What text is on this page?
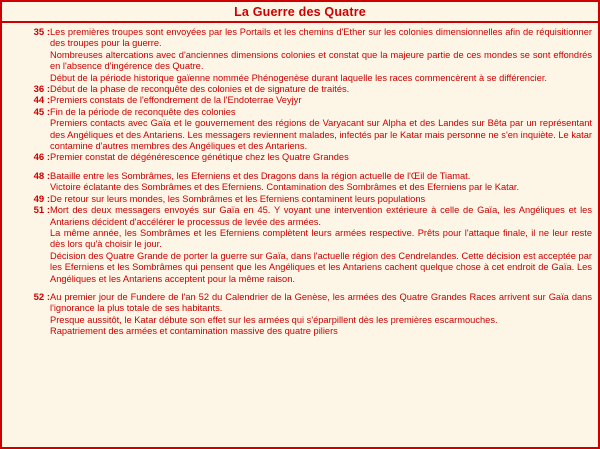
La Guerre des Quatre
35 :	Les premières troupes sont envoyées par les Portails et les chemins d'Ether sur les colonies dimensionnelles afin de réquisitionner des troupes pour la guerre.

Nombreuses altercations avec d'anciennes dimensions colonies et constat que la majeure partie de ces mondes se sont effondrés en l'absence d'ingérence des Quatre.

Début de la période historique gaïenne nommée Phénogenèse durant laquelle les races commencèrent à se différencier.

36 :	Début de la phase de reconquête des colonies et de signature de traités.

44 :	Premiers constats de l'effondrement de la l'Endoterrae Veyjyr

45 :	Fin de la période de reconquête des colonies

Premiers contacts avec Gaïa et le gouvernement des régions de Varyacant sur Alpha et des Landes sur Bêta par un représentant des Angéliques et des Antariens. Les messagers reviennent malades, infectés par le Katar mais personne ne s'en inquiète. Le katar contamine d'autres membres des Angéliques et des Antariens.

46 :	Premier constat de dégénérescence génétique chez les Quatre Grandes

48 :	Bataille entre les Sombrâmes, les Eferniens et des Dragons dans la région actuelle de l'Œil de Tiamat.

Victoire éclatante des Sombrâmes et des Eferniens. Contamination des Sombrâmes et des Eferniens par le Katar.

49 :	De retour sur leurs mondes, les Sombrâmes et les Eferniens contaminent leurs populations

51 :	Mort des deux messagers envoyés sur Gaïa en 45. Y voyant une intervention extérieure à celle de Gaïa, les Angéliques et les Antariens décident d'accélérer le processus de levée des armées.

La même année, les Sombrâmes et les Eferniens complètent leurs armées respective. Prêts pour l'attaque finale, il ne leur reste dès lors qu'à choisir le jour.

Décision des Quatre Grande de porter la guerre sur Gaïa, dans l'actuelle région des Cendrelandes. Cette décision est acceptée par les Eferniens et les Sombrâmes qui pensent que les Angéliques et les Antariens cachent quelque chose à cet endroit de Gaïa. Les Angéliques et les Antariens acceptent pour la même raison.

52 :	Au premier jour de Fundere de l'an 52 du Calendrier de la Genèse, les armées des Quatre Grandes Races arrivent sur Gaïa dans l'ignorance la plus totale de ses habitants.

Presque aussitôt, le Katar débute son effet sur les armées qui s'éparpillent dès les premières escarmouches.

Rapatriement des armées et contamination massive des quatre piliers
